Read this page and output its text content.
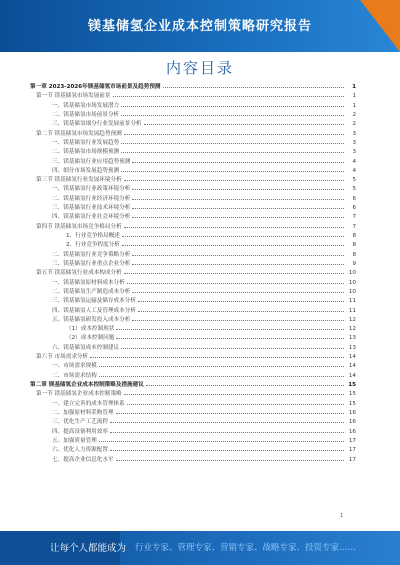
镁基储氢企业成本控制策略研究报告
内容目录
第一章 2023-2026年镁基储氢市场前景及趋势预测	1
第一节 镁基储氢市场发展前景	1
一、镁基储氢市场发展潜力	1
二、镁基储氢市场前景分析	2
三、镁基储氢细分行业发展前景分析	2
第二节 镁基储氢市场发展趋势预测	3
一、镁基储氢行业发展趋势	3
二、镁基储氢市场规模预测	3
三、镁基储氢行业应用趋势预测	4
四、细分市场发展趋势预测	4
第三节 镁基储氢行业发展环境分析	5
一、镁基储氢行业政策环境分析	5
二、镁基储氢行业经济环境分析	6
三、镁基储氢行业技术环境分析	6
四、镁基储氢行业社会环境分析	7
第四节 镁基储氢市场竞争格局分析	7
1、行业竞争格局概述	8
2、行业竞争程度分析	8
二、镁基储氢行业竞争策略分析	8
三、镁基储氢行业重点企业分析	9
第五节 镁基储氢行业成本构成分析	10
一、镁基储氢原材料成本分析	10
二、镁基储氢生产制造成本分析	10
三、镁基储氢运输及储存成本分析	11
四、镁基储氢人工及管理成本分析	11
五、镁基储氢研发投入成本分析	12
（1）成本控制现状	12
（2）成本控制问题	13
六、镁基储氢成本控制建议	13
第六节 市场需求分析	14
一、市场需求规模	14
二、市场需求结构	14
第二章 镁基储氢企业成本控制策略及措施建议	15
第一节 镁基储氢企业成本控制策略	15
一、建立完善的成本管理体系	15
二、加强原材料采购管理	16
三、优化生产工艺流程	16
四、提高设备利用效率	16
五、加强质量管理	17
六、优化人力资源配置	17
七、提高企业信息化水平	17
1
让每个人都能成为 行业专家、管理专家、营销专家、战略专家、投资专家……
